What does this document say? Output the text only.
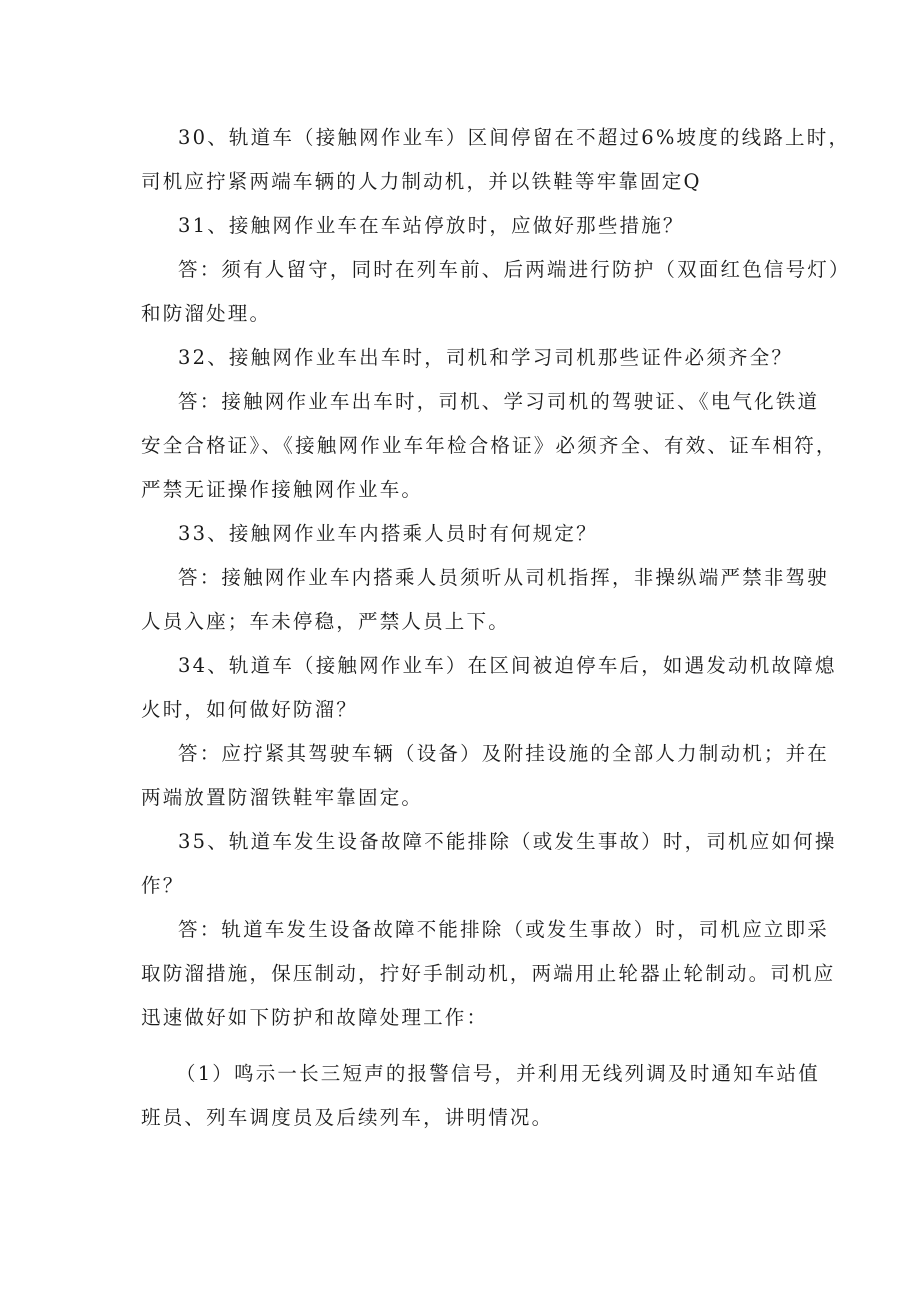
30、轨道车（接触网作业车）区间停留在不超过6%坡度的线路上时，
司机应拧紧两端车辆的人力制动机，并以铁鞋等牢靠固定Q
31、接触网作业车在车站停放时，应做好那些措施？
答：须有人留守，同时在列车前、后两端进行防护（双面红色信号灯）
和防溜处理。
32、接触网作业车出车时，司机和学习司机那些证件必须齐全？
答：接触网作业车出车时，司机、学习司机的驾驶证、《电气化铁道
安全合格证》、《接触网作业车年检合格证》必须齐全、有效、证车相符，
严禁无证操作接触网作业车。
33、接触网作业车内搭乘人员时有何规定？
答：接触网作业车内搭乘人员须听从司机指挥，非操纵端严禁非驾驶
人员入座；车未停稳，严禁人员上下。
34、轨道车（接触网作业车）在区间被迫停车后，如遇发动机故障熄
火时，如何做好防溜？
答：应拧紧其驾驶车辆（设备）及附挂设施的全部人力制动机；并在
两端放置防溜铁鞋牢靠固定。
35、轨道车发生设备故障不能排除（或发生事故）时，司机应如何操
作？
答：轨道车发生设备故障不能排除（或发生事故）时，司机应立即采
取防溜措施，保压制动，拧好手制动机，两端用止轮器止轮制动。司机应
迅速做好如下防护和故障处理工作：
（1）鸣示一长三短声的报警信号，并利用无线列调及时通知车站值
班员、列车调度员及后续列车，讲明情况。
